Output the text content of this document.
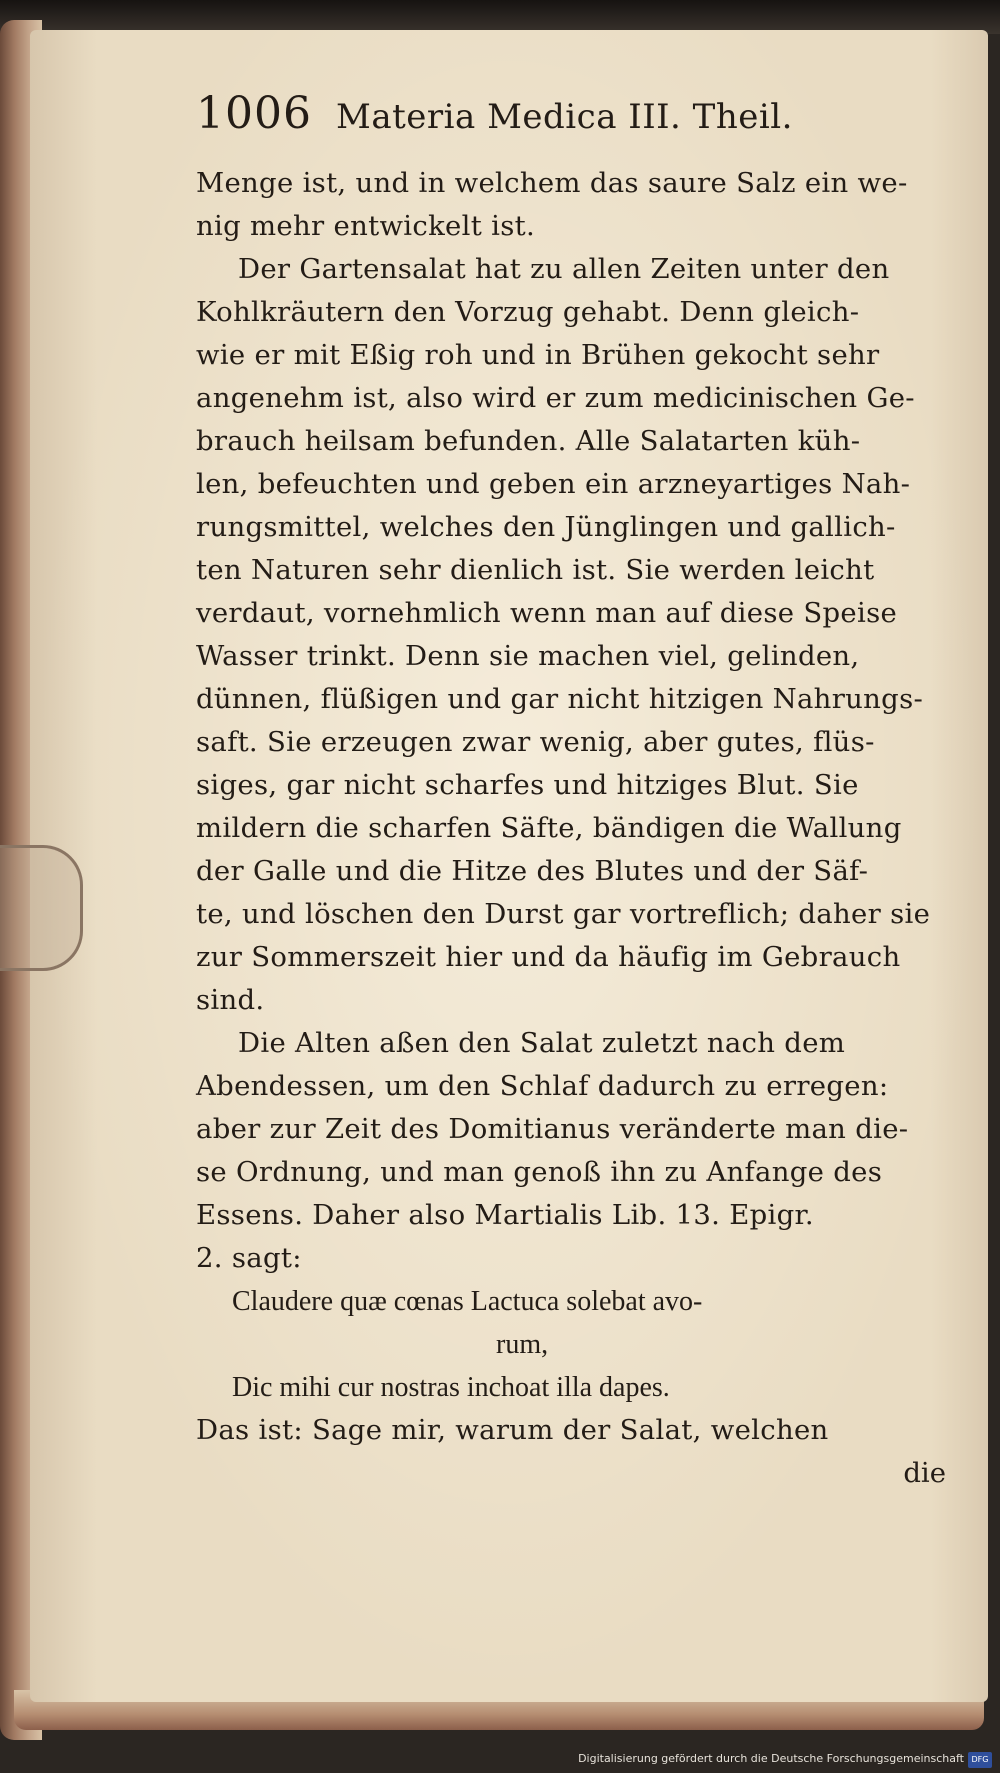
1006 Materia Medica III. Theil.
Menge ist, und in welchem das saure Salz ein we-
nig mehr entwickelt ist.
Der Gartensalat hat zu allen Zeiten unter den
Kohlkräutern den Vorzug gehabt. Denn gleich-
wie er mit Eßig roh und in Brühen gekocht sehr
angenehm ist, also wird er zum medicinischen Ge-
brauch heilsam befunden. Alle Salatarten küh-
len, befeuchten und geben ein arzneyartiges Nah-
rungsmittel, welches den Jünglingen und gallich-
ten Naturen sehr dienlich ist. Sie werden leicht
verdaut, vornehmlich wenn man auf diese Speise
Wasser trinkt. Denn sie machen viel, gelinden,
dünnen, flüßigen und gar nicht hitzigen Nahrungs-
saft. Sie erzeugen zwar wenig, aber gutes, flüs-
siges, gar nicht scharfes und hitziges Blut. Sie
mildern die scharfen Säfte, bändigen die Wallung
der Galle und die Hitze des Blutes und der Säf-
te, und löschen den Durst gar vortreflich; daher sie
zur Sommerszeit hier und da häufig im Gebrauch
sind.
Die Alten aßen den Salat zuletzt nach dem
Abendessen, um den Schlaf dadurch zu erregen:
aber zur Zeit des Domitianus veränderte man die-
se Ordnung, und man genoß ihn zu Anfange des
Essens. Daher also Martialis Lib. 13. Epigr.
2. sagt:
Claudere quæ cœnas Lactuca solebat avo-
rum,
Dic mihi cur nostras inchoat illa dapes.
Das ist: Sage mir, warum der Salat, welchen
die
Digitalisierung gefördert durch die Deutsche Forschungsgemeinschaft DFG
